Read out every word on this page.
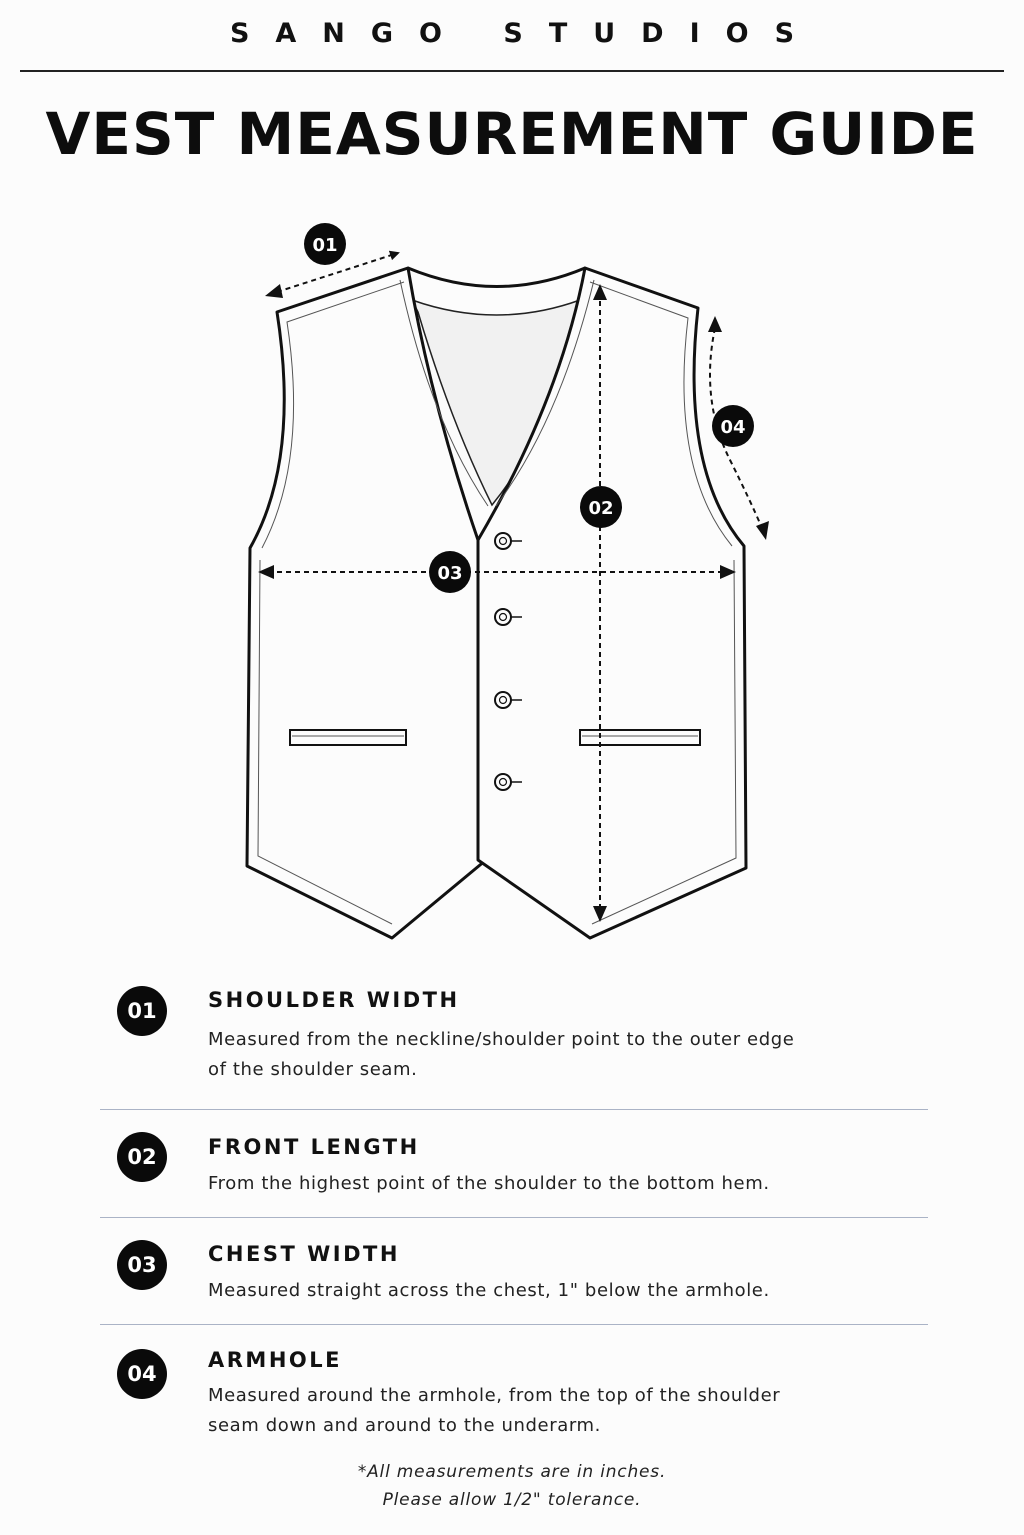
SANGO STUDIOS
VEST MEASUREMENT GUIDE
01
02
03
04
01	SHOULDER WIDTH
Measured from the neckline/shoulder point to the outer edge of the shoulder seam.
02	FRONT LENGTH
From the highest point of the shoulder to the bottom hem.
03	CHEST WIDTH
Measured straight across the chest, 1" below the armhole.
04
ARMHOLE
Measured around the armhole, from the top of the shoulder seam down and around to the underarm.
*All measurements are in inches.
Please allow 1/2" tolerance.
